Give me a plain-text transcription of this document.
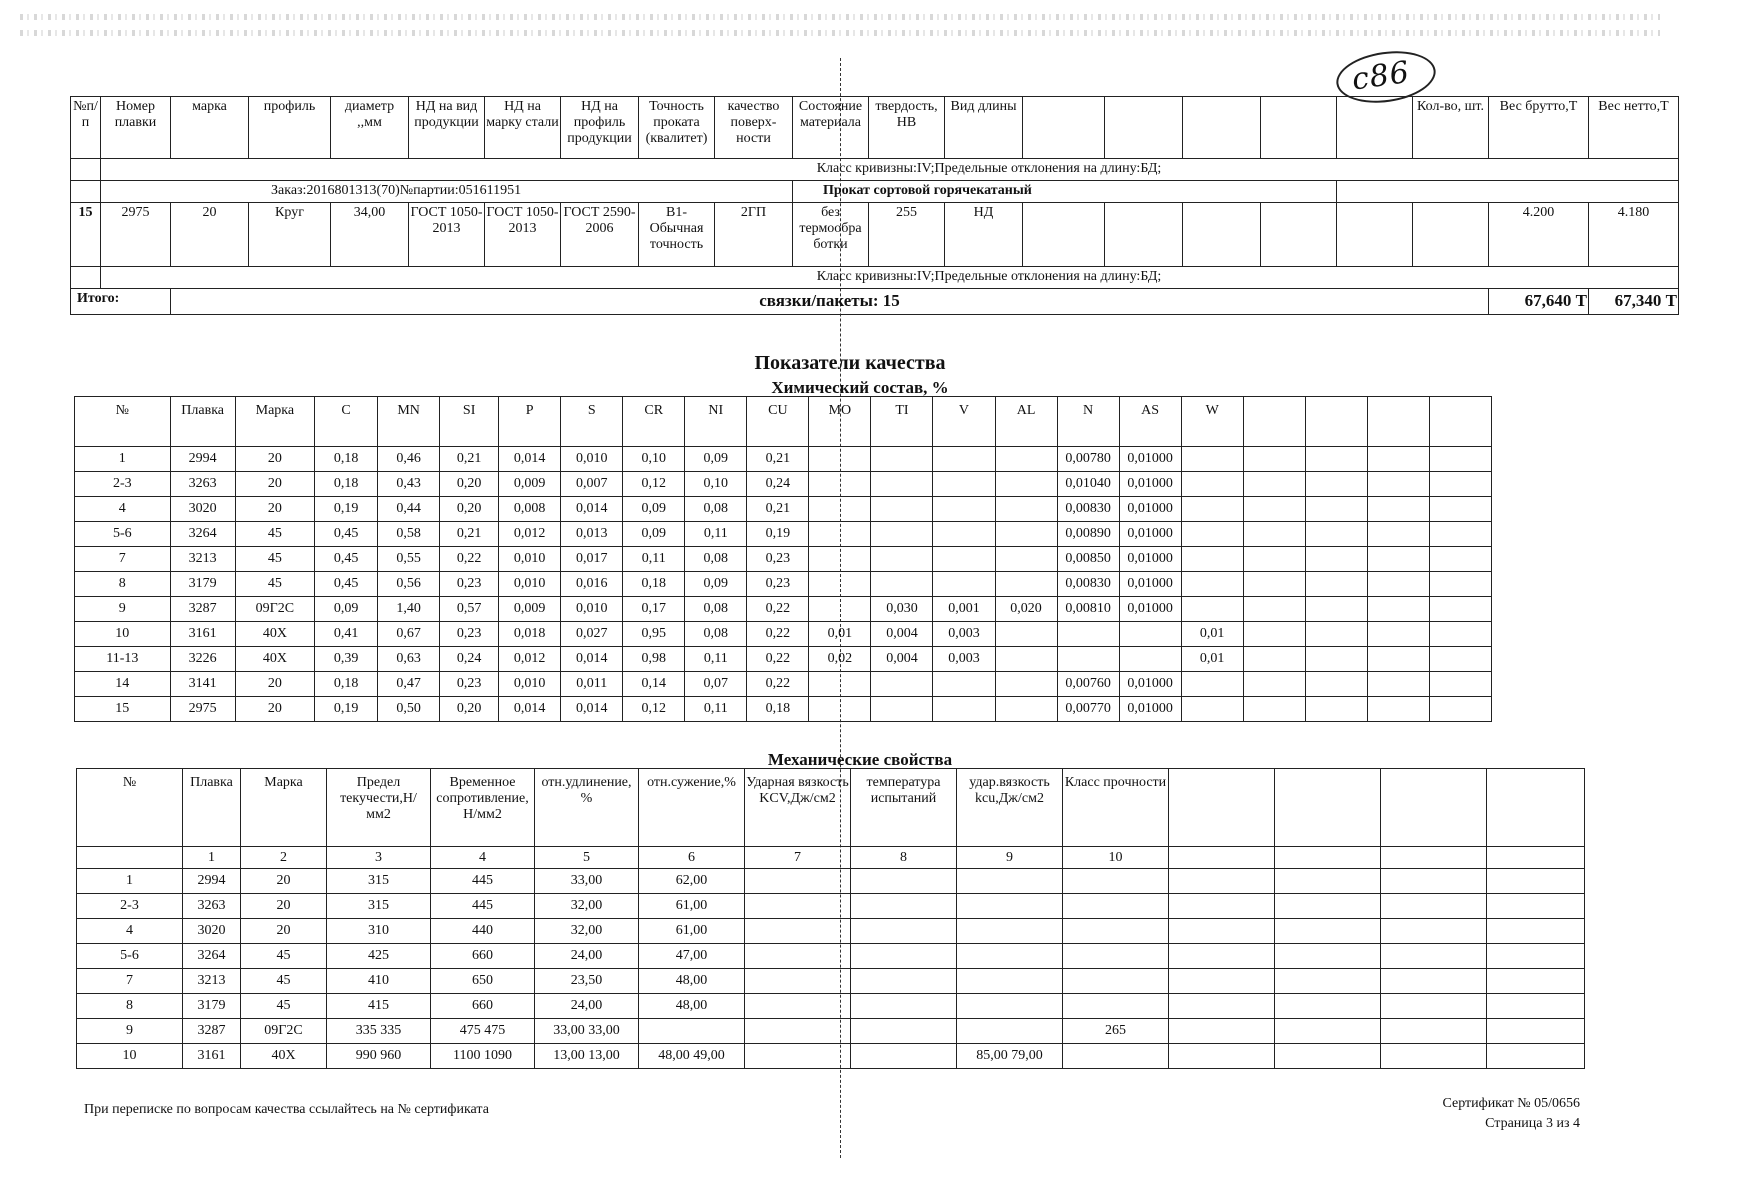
с86
№п/п	Номер плавки	марка	профиль	диаметр ,,мм	НД на вид продукции	НД на марку стали	НД на профиль продукции	Точность проката (квалитет)	качество поверх-ности	Состояние материала	твердость, НВ	Вид длины						Кол-во, шт.	Вес брутто,Т	Вес нетто,Т
	Класс кривизны:IV;Предельные отклонения на длину:БД;																			
	Заказ:2016801313(70)№партии:051611951									Прокат сортовой горячекатаный										
15	2975	20	Круг	34,00	ГОСТ 1050-2013	ГОСТ 1050-2013	ГОСТ 2590-2006	В1-Обычная точность	2ГП	без термообра ботки	255	НД							4.200	4.180
	Класс кривизны:IV;Предельные отклонения на длину:БД;																			
Итого:		связки/пакеты: 15																	67,640 Т	67,340 Т
Показатели качества
Химический состав, %
№	Плавка	Марка	C	MN	SI	P	S	CR	NI	CU	MO	TI	V	AL	N	AS	W				
1	2994	20	0,18	0,46	0,21	0,014	0,010	0,10	0,09	0,21					0,00780	0,01000					
2-3	3263	20	0,18	0,43	0,20	0,009	0,007	0,12	0,10	0,24					0,01040	0,01000					
4	3020	20	0,19	0,44	0,20	0,008	0,014	0,09	0,08	0,21					0,00830	0,01000					
5-6	3264	45	0,45	0,58	0,21	0,012	0,013	0,09	0,11	0,19					0,00890	0,01000					
7	3213	45	0,45	0,55	0,22	0,010	0,017	0,11	0,08	0,23					0,00850	0,01000					
8	3179	45	0,45	0,56	0,23	0,010	0,016	0,18	0,09	0,23					0,00830	0,01000					
9	3287	09Г2С	0,09	1,40	0,57	0,009	0,010	0,17	0,08	0,22		0,030	0,001	0,020	0,00810	0,01000					
10	3161	40Х	0,41	0,67	0,23	0,018	0,027	0,95	0,08	0,22	0,01	0,004	0,003				0,01				
11-13	3226	40Х	0,39	0,63	0,24	0,012	0,014	0,98	0,11	0,22	0,02	0,004	0,003				0,01				
14	3141	20	0,18	0,47	0,23	0,010	0,011	0,14	0,07	0,22					0,00760	0,01000					
15	2975	20	0,19	0,50	0,20	0,014	0,014	0,12	0,11	0,18					0,00770	0,01000					
Механические свойства
№	Плавка	Марка	Предел текучести,Н/мм2	Временное сопротивление, Н/мм2	отн.удлинение, %	отн.сужение,%	Ударная вязкость KCV,Дж/см2	температура испытаний	удар.вязкость kcu,Дж/см2	Класс прочности				
	1	2	3	4	5	6	7	8	9	10				
1	2994	20	315	445	33,00	62,00								
2-3	3263	20	315	445	32,00	61,00								
4	3020	20	310	440	32,00	61,00								
5-6	3264	45	425	660	24,00	47,00								
7	3213	45	410	650	23,50	48,00								
8	3179	45	415	660	24,00	48,00								
9	3287	09Г2С	335 335	475 475	33,00 33,00					265				
10	3161	40Х	990 960	1100 1090	13,00 13,00	48,00 49,00			85,00 79,00					
При переписке по вопросам качества ссылайтесь на № сертификата	Сертификат № 05/0656
Страница 3 из 4
